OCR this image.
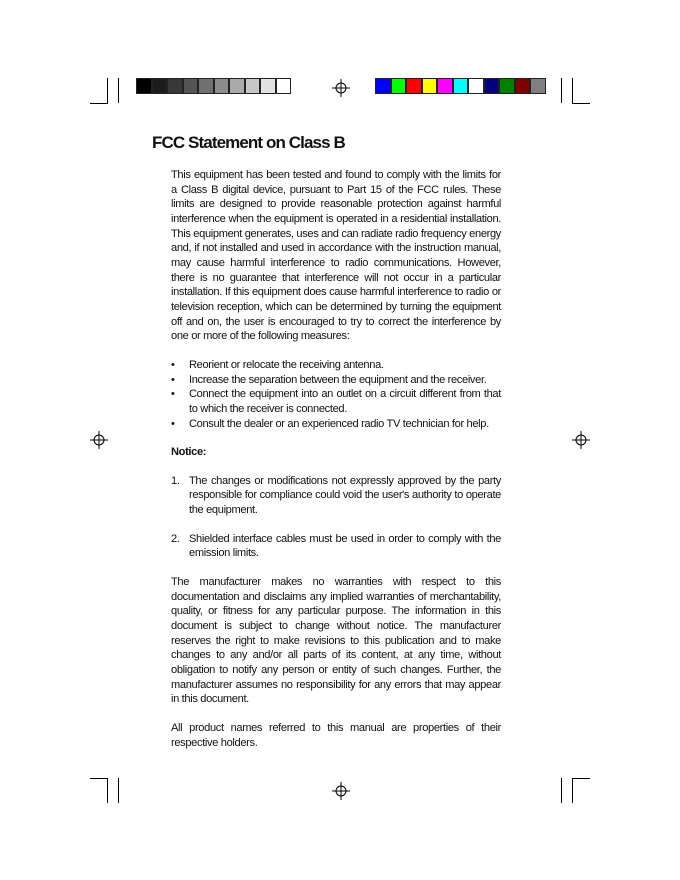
FCC Statement on Class B

This equipment has been tested and found to comply with the limits for a Class B digital device, pursuant to Part 15 of the FCC rules. These limits are designed to provide reasonable protection against harmful interference when the equipment is operated in a residential installation. This equipment generates, uses and can radiate radio frequency energy and, if not installed and used in accordance with the instruction manual, may cause harmful interference to radio communications. However, there is no guarantee that interference will not occur in a particular installation. If this equipment does cause harmful interference to radio or television reception, which can be determined by turning the equipment off and on, the user is encouraged to try to correct the interference by one or more of the following measures:

• Reorient or relocate the receiving antenna.
• Increase the separation between the equipment and the receiver.
• Connect the equipment into an outlet on a circuit different from that to which the receiver is connected.
• Consult the dealer or an experienced radio TV technician for help.

Notice:

1. The changes or modifications not expressly approved by the party responsible for compliance could void the user's authority to operate the equipment.
2. Shielded interface cables must be used in order to comply with the emission limits.

The manufacturer makes no warranties with respect to this documentation and disclaims any implied warranties of merchantability, quality, or fitness for any particular purpose. The information in this document is subject to change without notice. The manufacturer reserves the right to make revisions to this publication and to make changes to any and/or all parts of its content, at any time, without obligation to notify any person or entity of such changes. Further, the manufacturer assumes no responsibility for any errors that may appear in this document.

All product names referred to this manual are properties of their respective holders.
